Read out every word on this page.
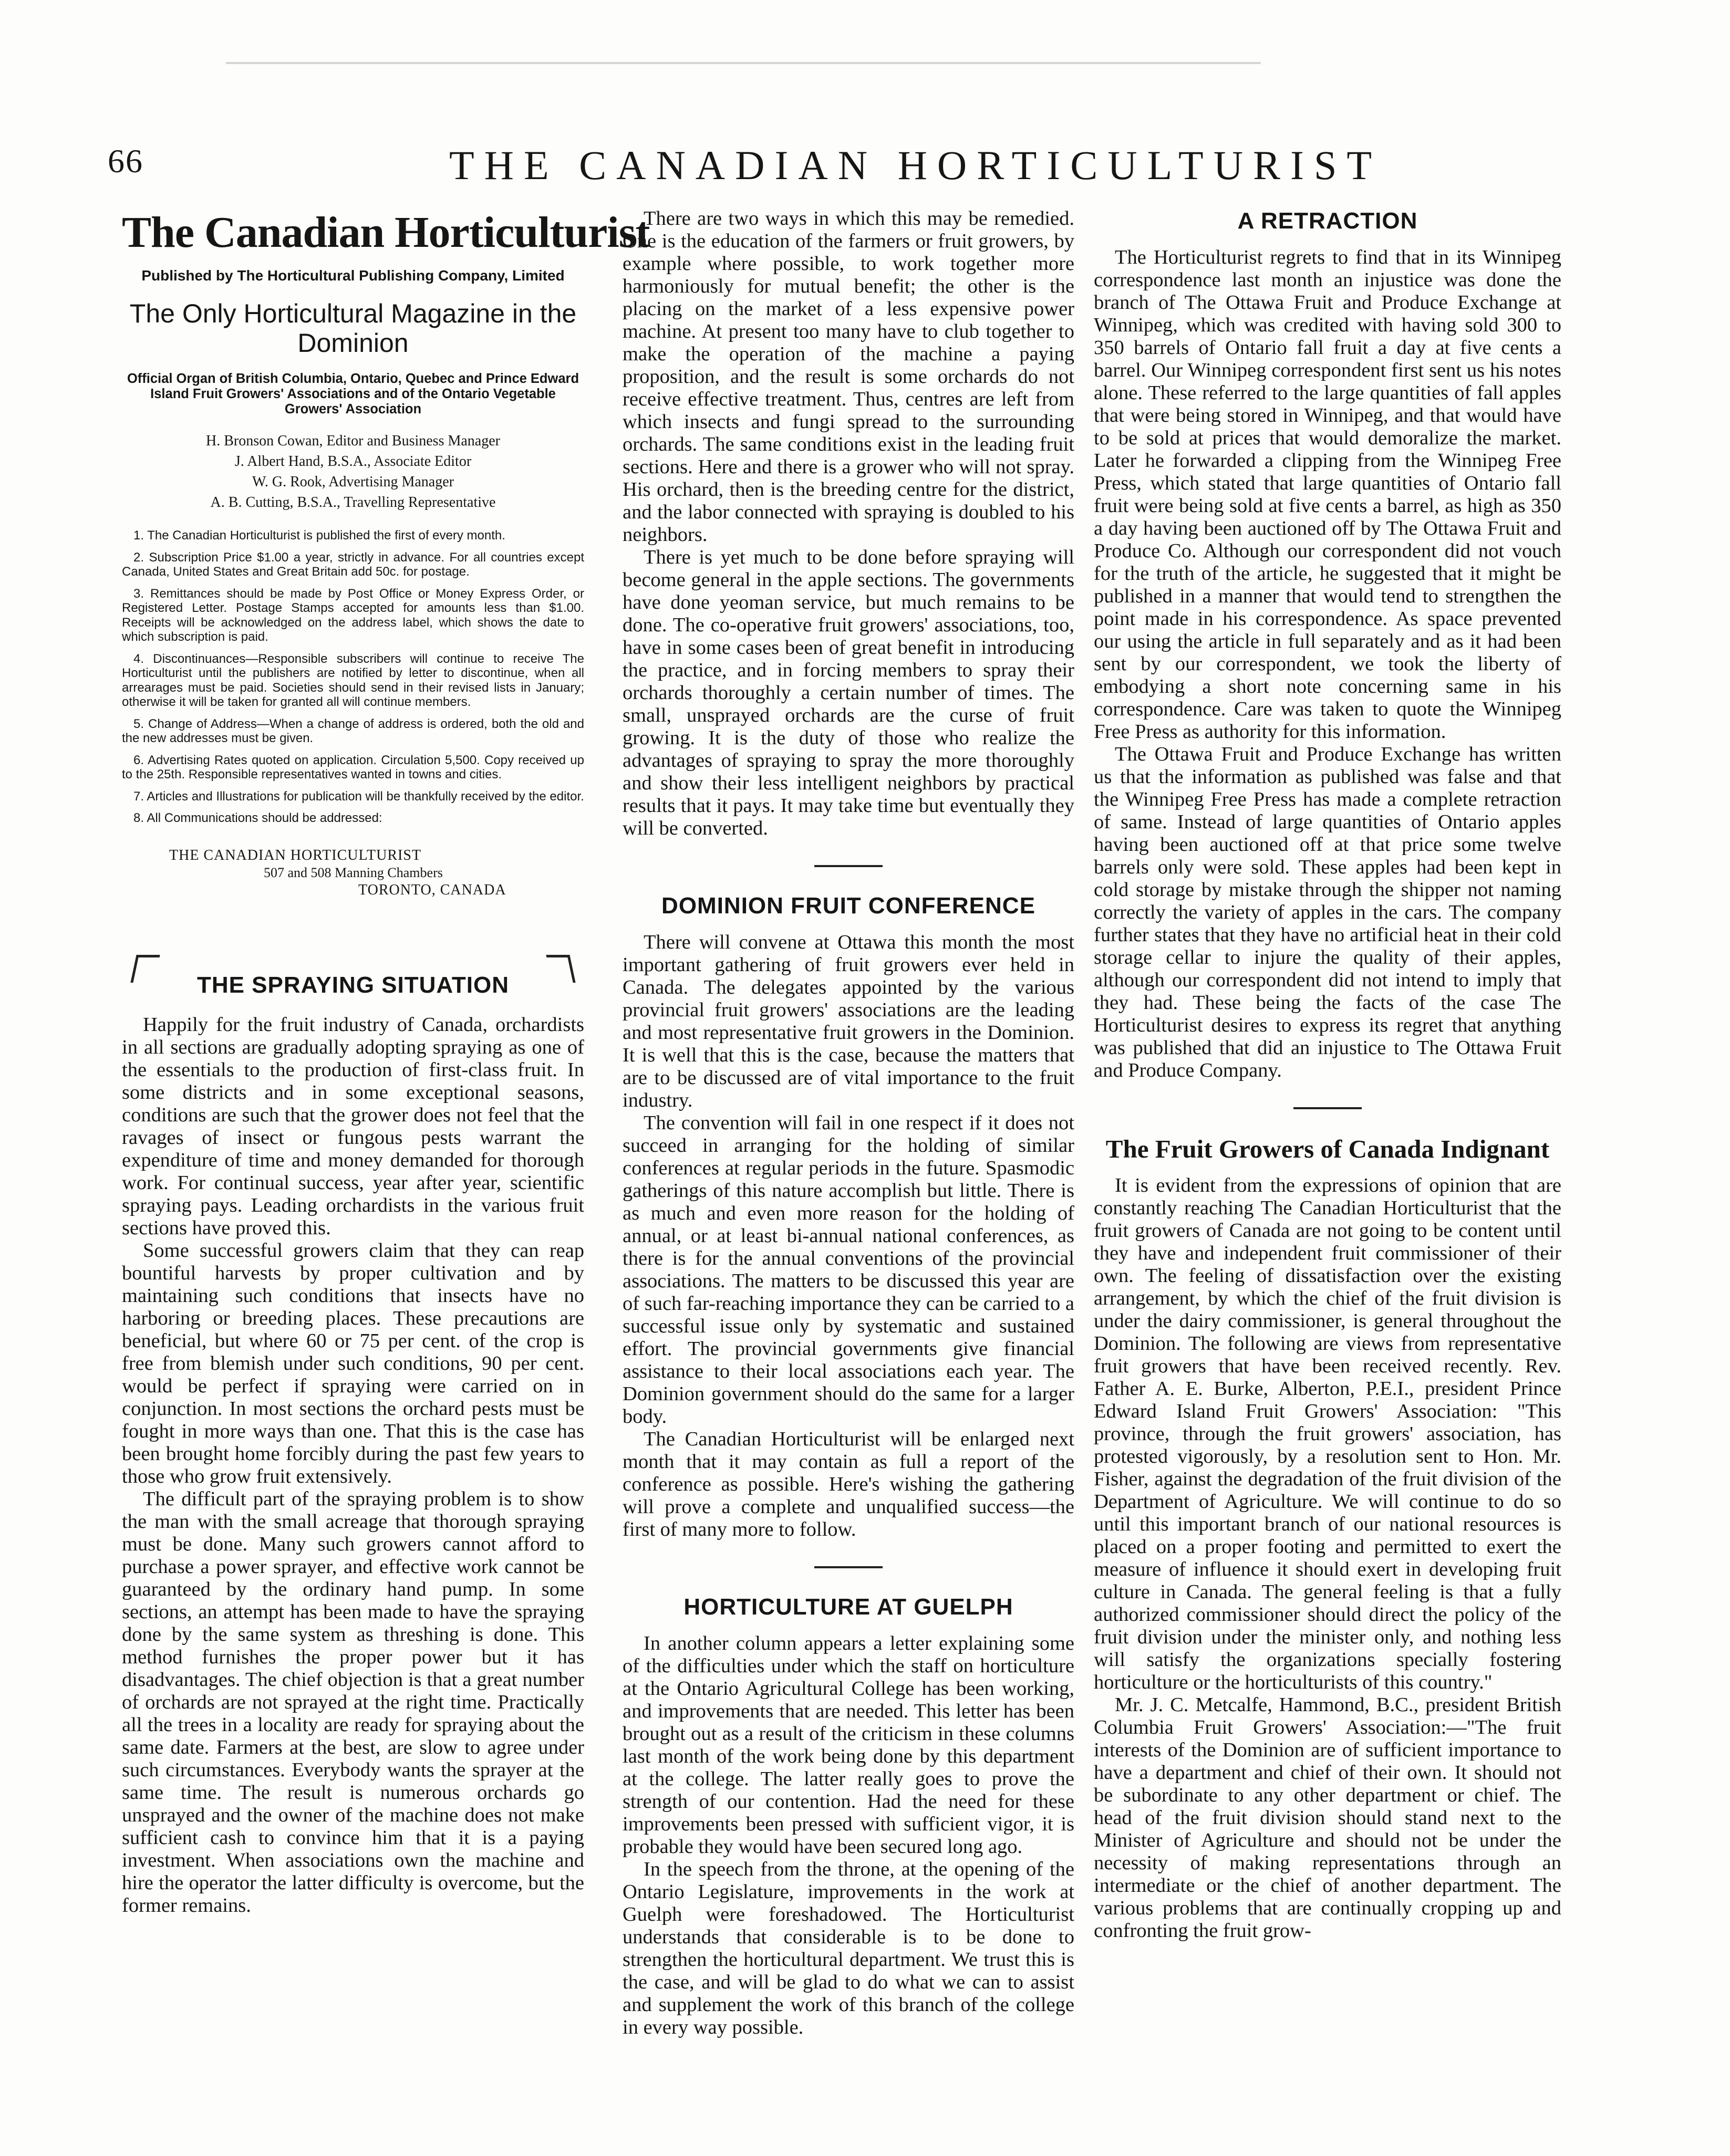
66	THE CANADIAN HORTICULTURIST
The Canadian Horticulturist

Published by The Horticultural Publishing Company, Limited

The Only Horticultural Magazine in the Dominion

Official Organ of British Columbia, Ontario, Quebec and Prince Edward Island Fruit Growers' Associations and of the Ontario Vegetable Growers' Association

H. Bronson Cowan, Editor and Business Manager

J. Albert Hand, B.S.A., Associate Editor

W. G. Rook, Advertising Manager

A. B. Cutting, B.S.A., Travelling Representative

1. The Canadian Horticulturist is published the first of every month.

2. Subscription Price $1.00 a year, strictly in advance. For all countries except Canada, United States and Great Britain add 50c. for postage.

3. Remittances should be made by Post Office or Money Express Order, or Registered Letter. Postage Stamps accepted for amounts less than $1.00. Receipts will be acknowledged on the address label, which shows the date to which subscription is paid.

4. Discontinuances—Responsible subscribers will continue to receive The Horticulturist until the publishers are notified by letter to discontinue, when all arrearages must be paid. Societies should send in their revised lists in January; otherwise it will be taken for granted all will continue members.

5. Change of Address—When a change of address is ordered, both the old and the new addresses must be given.

6. Advertising Rates quoted on application. Circulation 5,500. Copy received up to the 25th. Responsible representatives wanted in towns and cities.

7. Articles and Illustrations for publication will be thankfully received by the editor.

8. All Communications should be addressed:

THE CANADIAN HORTICULTURIST

507 and 508 Manning Chambers

TORONTO, CANADA

THE SPRAYING SITUATION

Happily for the fruit industry of Canada, orchardists in all sections are gradually adopting spraying as one of the essentials to the production of first-class fruit. In some districts and in some exceptional seasons, conditions are such that the grower does not feel that the ravages of insect or fungous pests warrant the expenditure of time and money demanded for thorough work. For continual success, year after year, scientific spraying pays. Leading orchardists in the various fruit sections have proved this.

Some successful growers claim that they can reap bountiful harvests by proper cultivation and by maintaining such conditions that insects have no harboring or breeding places. These precautions are beneficial, but where 60 or 75 per cent. of the crop is free from blemish under such conditions, 90 per cent. would be perfect if spraying were carried on in conjunction. In most sections the orchard pests must be fought in more ways than one. That this is the case has been brought home forcibly during the past few years to those who grow fruit extensively.

The difficult part of the spraying problem is to show the man with the small acreage that thorough spraying must be done. Many such growers cannot afford to purchase a power sprayer, and effective work cannot be guaranteed by the ordinary hand pump. In some sections, an attempt has been made to have the spraying done by the same system as threshing is done. This method furnishes the proper power but it has disadvantages. The chief objection is that a great number of orchards are not sprayed at the right time. Practically all the trees in a locality are ready for spraying about the same date. Farmers at the best, are slow to agree under such circumstances. Everybody wants the sprayer at the same time. The result is numerous orchards go unsprayed and the owner of the machine does not make sufficient cash to convince him that it is a paying investment. When associations own the machine and hire the operator the latter difficulty is overcome, but the former remains.

There are two ways in which this may be remedied. One is the education of the farmers or fruit growers, by example where possible, to work together more harmoniously for mutual benefit; the other is the placing on the market of a less expensive power machine. At present too many have to club together to make the operation of the machine a paying proposition, and the result is some orchards do not receive effective treatment. Thus, centres are left from which insects and fungi spread to the surrounding orchards. The same conditions exist in the leading fruit sections. Here and there is a grower who will not spray. His orchard, then is the breeding centre for the district, and the labor connected with spraying is doubled to his neighbors.

There is yet much to be done before spraying will become general in the apple sections. The governments have done yeoman service, but much remains to be done. The co-operative fruit growers' associations, too, have in some cases been of great benefit in introducing the practice, and in forcing members to spray their orchards thoroughly a certain number of times. The small, unsprayed orchards are the curse of fruit growing. It is the duty of those who realize the advantages of spraying to spray the more thoroughly and show their less intelligent neighbors by practical results that it pays. It may take time but eventually they will be converted.

DOMINION FRUIT CONFERENCE

There will convene at Ottawa this month the most important gathering of fruit growers ever held in Canada. The delegates appointed by the various provincial fruit growers' associations are the leading and most representative fruit growers in the Dominion. It is well that this is the case, because the matters that are to be discussed are of vital importance to the fruit industry.

The convention will fail in one respect if it does not succeed in arranging for the holding of similar conferences at regular periods in the future. Spasmodic gatherings of this nature accomplish but little. There is as much and even more reason for the holding of annual, or at least bi-annual national conferences, as there is for the annual conventions of the provincial associations. The matters to be discussed this year are of such far-reaching importance they can be carried to a successful issue only by systematic and sustained effort. The provincial governments give financial assistance to their local associations each year. The Dominion government should do the same for a larger body.

The Canadian Horticulturist will be enlarged next month that it may contain as full a report of the conference as possible. Here's wishing the gathering will prove a complete and unqualified success—the first of many more to follow.

HORTICULTURE AT GUELPH

In another column appears a letter explaining some of the difficulties under which the staff on horticulture at the Ontario Agricultural College has been working, and improvements that are needed. This letter has been brought out as a result of the criticism in these columns last month of the work being done by this department at the college. The latter really goes to prove the strength of our contention. Had the need for these improvements been pressed with sufficient vigor, it is probable they would have been secured long ago.

In the speech from the throne, at the opening of the Ontario Legislature, improvements in the work at Guelph were foreshadowed. The Horticulturist understands that considerable is to be done to strengthen the horticultural department. We trust this is the case, and will be glad to do what we can to assist and supplement the work of this branch of the college in every way possible.

A RETRACTION

The Horticulturist regrets to find that in its Winnipeg correspondence last month an injustice was done the branch of The Ottawa Fruit and Produce Exchange at Winnipeg, which was credited with having sold 300 to 350 barrels of Ontario fall fruit a day at five cents a barrel. Our Winnipeg correspondent first sent us his notes alone. These referred to the large quantities of fall apples that were being stored in Winnipeg, and that would have to be sold at prices that would demoralize the market. Later he forwarded a clipping from the Winnipeg Free Press, which stated that large quantities of Ontario fall fruit were being sold at five cents a barrel, as high as 350 a day having been auctioned off by The Ottawa Fruit and Produce Co. Although our correspondent did not vouch for the truth of the article, he suggested that it might be published in a manner that would tend to strengthen the point made in his correspondence. As space prevented our using the article in full separately and as it had been sent by our correspondent, we took the liberty of embodying a short note concerning same in his correspondence. Care was taken to quote the Winnipeg Free Press as authority for this information.

The Ottawa Fruit and Produce Exchange has written us that the information as published was false and that the Winnipeg Free Press has made a complete retraction of same. Instead of large quantities of Ontario apples having been auctioned off at that price some twelve barrels only were sold. These apples had been kept in cold storage by mistake through the shipper not naming correctly the variety of apples in the cars. The company further states that they have no artificial heat in their cold storage cellar to injure the quality of their apples, although our correspondent did not intend to imply that they had. These being the facts of the case The Horticulturist desires to express its regret that anything was published that did an injustice to The Ottawa Fruit and Produce Company.

The Fruit Growers of Canada Indignant

It is evident from the expressions of opinion that are constantly reaching The Canadian Horticulturist that the fruit growers of Canada are not going to be content until they have and independent fruit commissioner of their own. The feeling of dissatisfaction over the existing arrangement, by which the chief of the fruit division is under the dairy commissioner, is general throughout the Dominion. The following are views from representative fruit growers that have been received recently. Rev. Father A. E. Burke, Alberton, P.E.I., president Prince Edward Island Fruit Growers' Association: "This province, through the fruit growers' association, has protested vigorously, by a resolution sent to Hon. Mr. Fisher, against the degradation of the fruit division of the Department of Agriculture. We will continue to do so until this important branch of our national resources is placed on a proper footing and permitted to exert the measure of influence it should exert in developing fruit culture in Canada. The general feeling is that a fully authorized commissioner should direct the policy of the fruit division under the minister only, and nothing less will satisfy the organizations specially fostering horticulture or the horticulturists of this country."

Mr. J. C. Metcalfe, Hammond, B.C., president British Columbia Fruit Growers' Association:—"The fruit interests of the Dominion are of sufficient importance to have a department and chief of their own. It should not be subordinate to any other department or chief. The head of the fruit division should stand next to the Minister of Agriculture and should not be under the necessity of making representations through an intermediate or the chief of another department. The various problems that are continually cropping up and confronting the fruit grow-
